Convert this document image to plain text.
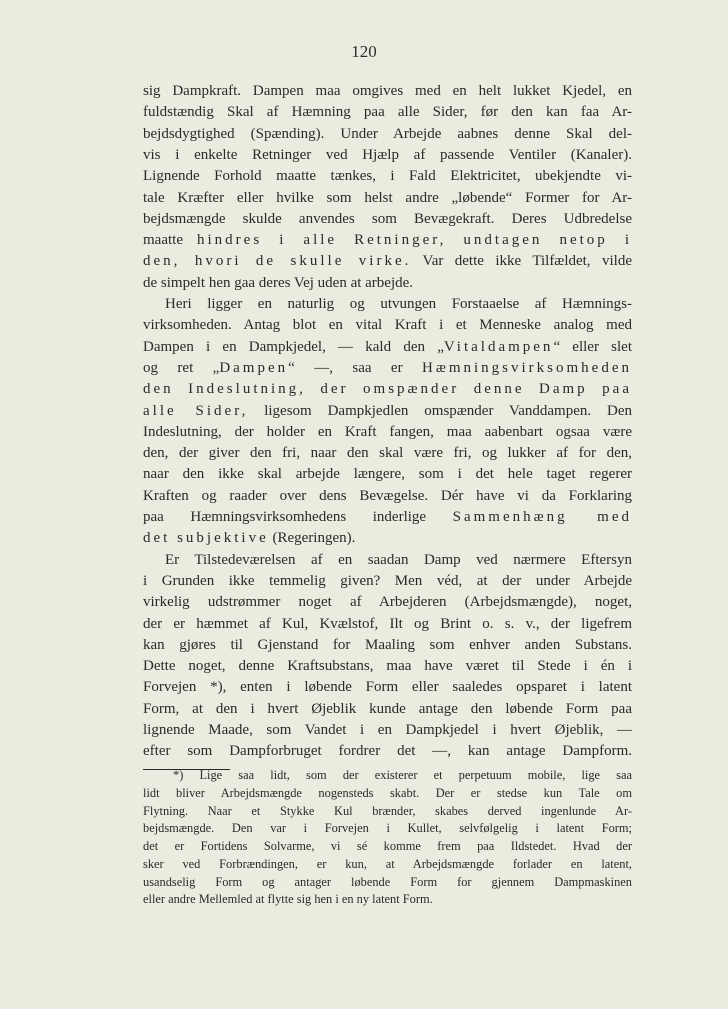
120
sig Dampkraft. Dampen maa omgives med en helt lukket Kjedel, en
fuldstændig Skal af Hæmning paa alle Sider, før den kan faa Ar-
bejdsdygtighed (Spænding). Under Arbejde aabnes denne Skal del-
vis i enkelte Retninger ved Hjælp af passende Ventiler (Kanaler).
Lignende Forhold maatte tænkes, i Fald Elektricitet, ubekjendte vi-
tale Kræfter eller hvilke som helst andre „løbende“ Former for Ar-
bejdsmængde skulde anvendes som Bevægekraft. Deres Udbredelse
maatte hindres i alle Retninger, undtagen netop i
den, hvori de skulle virke. Var dette ikke Tilfældet, vilde
de simpelt hen gaa deres Vej uden at arbejde.
Heri ligger en naturlig og utvungen Forstaaelse af Hæmnings-
virksomheden. Antag blot en vital Kraft i et Menneske analog med
Dampen i en Dampkjedel, — kald den „Vitaldampen“ eller slet
og ret „Dampen“ —, saa er Hæmningsvirksomheden
den Indeslutning, der omspænder denne Damp paa
alle Sider, ligesom Dampkjedlen omspænder Vanddampen. Den
Indeslutning, der holder en Kraft fangen, maa aabenbart ogsaa være
den, der giver den fri, naar den skal være fri, og lukker af for den,
naar den ikke skal arbejde længere, som i det hele taget regerer
Kraften og raader over dens Bevægelse. Dér have vi da Forklaring
paa Hæmningsvirksomhedens inderlige Sammenhæng med
det subjektive (Regeringen).
Er Tilstedeværelsen af en saadan Damp ved nærmere Eftersyn
i Grunden ikke temmelig given? Men véd, at der under Arbejde
virkelig udstrømmer noget af Arbejderen (Arbejdsmængde), noget,
der er hæmmet af Kul, Kvælstof, Ilt og Brint o. s. v., der ligefrem
kan gjøres til Gjenstand for Maaling som enhver anden Substans.
Dette noget, denne Kraftsubstans, maa have været til Stede i én i
Forvejen *), enten i løbende Form eller saaledes opsparet i latent
Form, at den i hvert Øjeblik kunde antage den løbende Form paa
lignende Maade, som Vandet i en Dampkjedel i hvert Øjeblik, —
efter som Dampforbruget fordrer det —, kan antage Dampform.
*) Lige saa lidt, som der existerer et perpetuum mobile, lige saa
lidt bliver Arbejdsmængde nogensteds skabt. Der er stedse kun Tale om
Flytning. Naar et Stykke Kul brænder, skabes derved ingenlunde Ar-
bejdsmængde. Den var i Forvejen i Kullet, selvfølgelig i latent Form;
det er Fortidens Solvarme, vi sé komme frem paa Ildstedet. Hvad der
sker ved Forbrændingen, er kun, at Arbejdsmængde forlader en latent,
usandselig Form og antager løbende Form for gjennem Dampmaskinen
eller andre Mellemled at flytte sig hen i en ny latent Form.
